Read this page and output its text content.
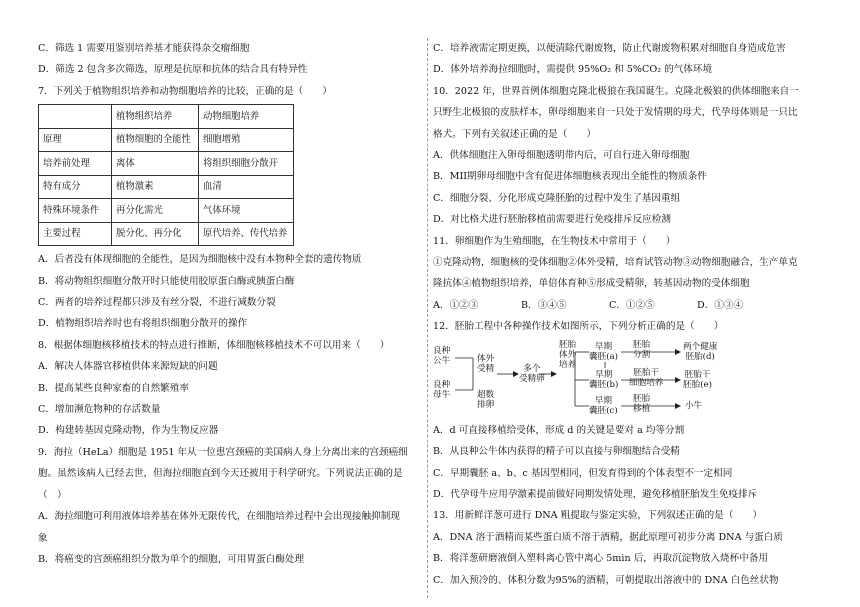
C．筛选 1 需要用鉴别培养基才能获得杂交瘤细胞
D．筛选 2 包含多次筛选，原理是抗原和抗体的结合具有特异性
7．下列关于植物组织培养和动物细胞培养的比较，正确的是（　　）
	植物组织培养	动物细胞培养
原理	植物细胞的全能性	细胞增殖
培养前处理	离体	将组织细胞分散开
特有成分	植物激素	血清
特殊环境条件	再分化需光	气体环境
主要过程	脱分化、再分化	原代培养、传代培养
A．后者没有体现细胞的全能性，是因为细胞核中没有本物种全套的遗传物质
B．将动物组织细胞分散开时只能使用胶原蛋白酶或胰蛋白酶
C．两者的培养过程都只涉及有丝分裂，不进行减数分裂
D．植物组织培养时也有将组织细胞分散开的操作
8．根据体细胞核移植技术的特点进行推断，体细胞核移植技术不可以用来（　　）
A．解决人体器官移植供体来源短缺的问题
B．提高某些良种家畜的自然繁殖率
C．增加濒危物种的存活数量
D．构建转基因克隆动物，作为生物反应器
9．海拉（HeLa）细胞是 1951 年从一位患宫颈癌的美国病人身上分离出来的宫颈癌细
胞。虽然该病人已经去世，但海拉细胞直到今天还被用于科学研究。下列说法正确的是
（　）
A．海拉细胞可利用液体培养基在体外无限传代，在细胞培养过程中会出现接触抑制现
象
B．将癌变的宫颈癌组织分散为单个的细胞，可用胃蛋白酶处理
C．培养液需定期更换，以便清除代谢废物，防止代谢废物积累对细胞自身造成危害
D．体外培养海拉细胞时，需提供 95%O₂ 和 5%CO₂ 的气体环境
10．2022 年，世界首例体细胞克隆北极狼在我国诞生。克隆北极狼的供体细胞来自一
只野生北极狼的皮肤样本，卵母细胞来自一只处于发情期的母犬，代孕母体则是一只比
格犬。下列有关叙述正确的是（　　）
A．供体细胞注入卵母细胞透明带内后，可自行进入卵母细胞
B．MII期卵母细胞中含有促进体细胞核表现出全能性的物质条件
C．细胞分裂、分化形成克隆胚胎的过程中发生了基因重组
D．对比格犬进行胚胎移植前需要进行免疫排斥反应检测
11．卵细胞作为生殖细胞，在生物技术中常用于（　　）
①克隆动物，细胞核的受体细胞②体外受精，培育试管动物③动物细胞融合，生产单克
隆抗体④植物组织培养，单倍体育种⑤形成受精卵，转基因动物的受体细胞
A．①②③	B．③④⑤	C．①②⑤	D．①③④
12．胚胎工程中各种操作技术如图所示，下列分析正确的是（　　）
良种
公牛
良种
母牛
体外
受精
超数
排卵
多个
受精卵
胚胎
体外
培养
早期
囊胚(a)
早期
囊胚(b)
早期
囊胚(c)
胚胎
分割
胚胎干
细胞培养
胚胎
移植
两个健康
胚胎(d)
胚胎干
胚胎(e)
小牛
A．d 可直接移植给受体，形成 d 的关键是要对 a 均等分割
B．从良种公牛体内获得的精子可以直接与卵细胞结合受精
C．早期囊胚 a、b、c 基因型相同，但发育得到的个体表型不一定相同
D．代孕母牛应用孕激素提前做好同期发情处理，避免移植胚胎发生免疫排斥
13．用新鲜洋葱可进行 DNA 粗提取与鉴定实验，下列叙述正确的是（　　）
A．DNA 溶于酒精而某些蛋白质不溶于酒精，据此原理可初步分离 DNA 与蛋白质
B．将洋葱研磨液倒入塑料离心管中离心 5min 后，再取沉淀物放入烧杯中备用
C．加入预冷的、体积分数为95%的酒精，可朝提取出溶液中的 DNA 白色丝状物
